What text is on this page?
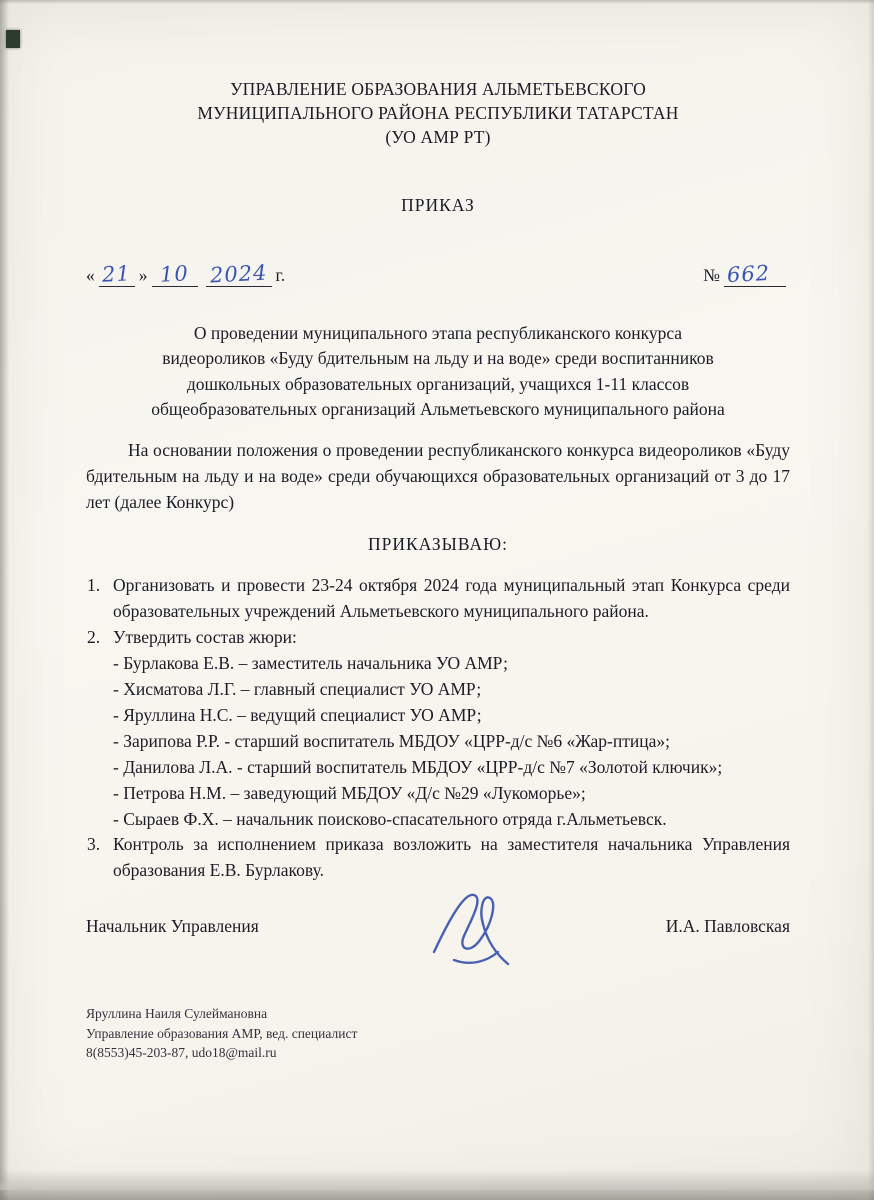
УПРАВЛЕНИЕ ОБРАЗОВАНИЯ АЛЬМЕТЬЕВСКОГО
МУНИЦИПАЛЬНОГО РАЙОНА РЕСПУБЛИКИ ТАТАРСТАН
(УО АМР РТ)
ПРИКАЗ
« 21 » 10 2024 г.	№ 662
О проведении муниципального этапа республиканского конкурса
видеороликов «Буду бдительным на льду и на воде» среди воспитанников
дошкольных образовательных организаций, учащихся 1-11 классов
общеобразовательных организаций Альметьевского муниципального района
На основании положения о проведении республиканского конкурса видеороликов «Буду бдительным на льду и на воде» среди обучающихся образовательных организаций от 3 до 17 лет (далее Конкурс)
ПРИКАЗЫВАЮ:
1. Организовать и провести 23-24 октября 2024 года муниципальный этап Конкурса среди образовательных учреждений Альметьевского муниципального района.
2. Утвердить состав жюри:
- Бурлакова Е.В. – заместитель начальника УО АМР;
- Хисматова Л.Г. – главный специалист УО АМР;
- Яруллина Н.С. – ведущий специалист УО АМР;
- Зарипова Р.Р. - старший воспитатель МБДОУ «ЦРР-д/с №6 «Жар-птица»;
- Данилова Л.А. - старший воспитатель МБДОУ «ЦРР-д/с №7 «Золотой ключик»;
- Петрова Н.М. – заведующий МБДОУ «Д/с №29 «Лукоморье»;
- Сыраев Ф.Х. – начальник поисково-спасательного отряда г.Альметьевск.
3. Контроль за исполнением приказа возложить на заместителя начальника Управления образования Е.В. Бурлакову.
Начальник Управления	И.А. Павловская
Яруллина Наиля Сулеймановна
Управление образования АМР, вед. специалист
8(8553)45-203-87, udo18@mail.ru
